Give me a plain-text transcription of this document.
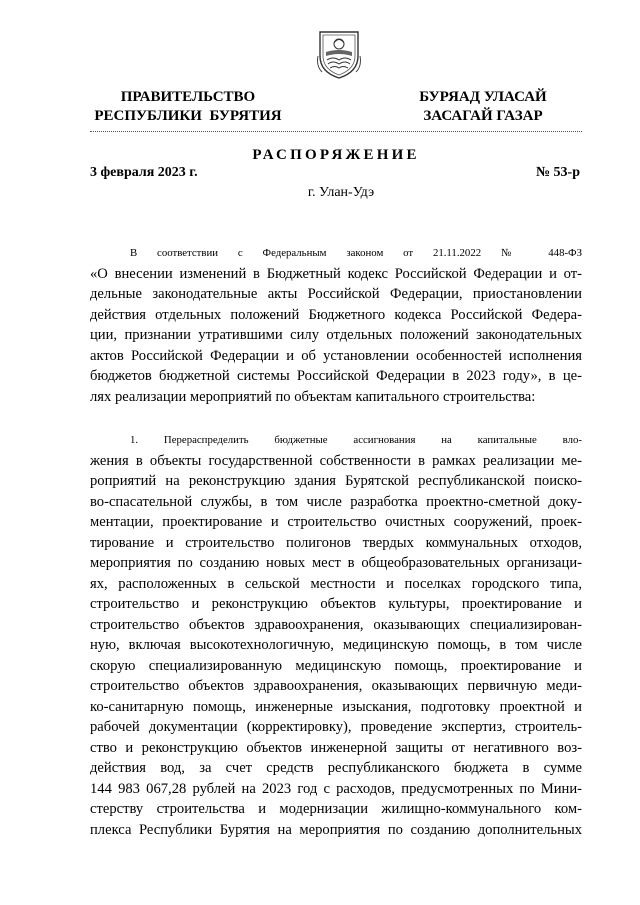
ПРАВИТЕЛЬСТВО
РЕСПУБЛИКИ  БУРЯТИЯ
БУРЯАД УЛАСАЙ
ЗАСАГАЙ ГАЗАР
РАСПОРЯЖЕНИЕ
3 февраля 2023 г.	№ 53-р
г. Улан-Удэ
В соответствии с Федеральным законом от 21.11.2022 № 448-ФЗ
«О внесении изменений в Бюджетный кодекс Российской Федерации и от-
дельные законодательные акты Российской Федерации, приостановлении
действия отдельных положений Бюджетного кодекса Российской Федера-
ции, признании утратившими силу отдельных положений законодательных
актов Российской Федерации и об установлении особенностей исполнения
бюджетов бюджетной системы Российской Федерации в 2023 году», в це-
лях реализации мероприятий по объектам капитального строительства:
1. Перераспределить бюджетные ассигнования на капитальные вло-
жения в объекты государственной собственности в рамках реализации ме-
роприятий на реконструкцию здания Бурятской республиканской поиско-
во-спасательной службы, в том числе разработка проектно-сметной доку-
ментации, проектирование и строительство очистных сооружений, проек-
тирование и строительство полигонов твердых коммунальных отходов,
мероприятия по созданию новых мест в общеобразовательных организаци-
ях, расположенных в сельской местности и поселках городского типа,
строительство и реконструкцию объектов культуры, проектирование и
строительство объектов здравоохранения, оказывающих специализирован-
ную, включая высокотехнологичную, медицинскую помощь, в том числе
скорую специализированную медицинскую помощь, проектирование и
строительство объектов здравоохранения, оказывающих первичную меди-
ко-санитарную помощь, инженерные изыскания, подготовку проектной и
рабочей документации (корректировку), проведение экспертиз, строитель-
ство и реконструкцию объектов инженерной защиты от негативного воз-
действия вод, за счет средств республиканского бюджета в сумме
144 983 067,28 рублей на 2023 год с расходов, предусмотренных по Мини-
стерству строительства и модернизации жилищно-коммунального ком-
плекса Республики Бурятия на мероприятия по созданию дополнительных
